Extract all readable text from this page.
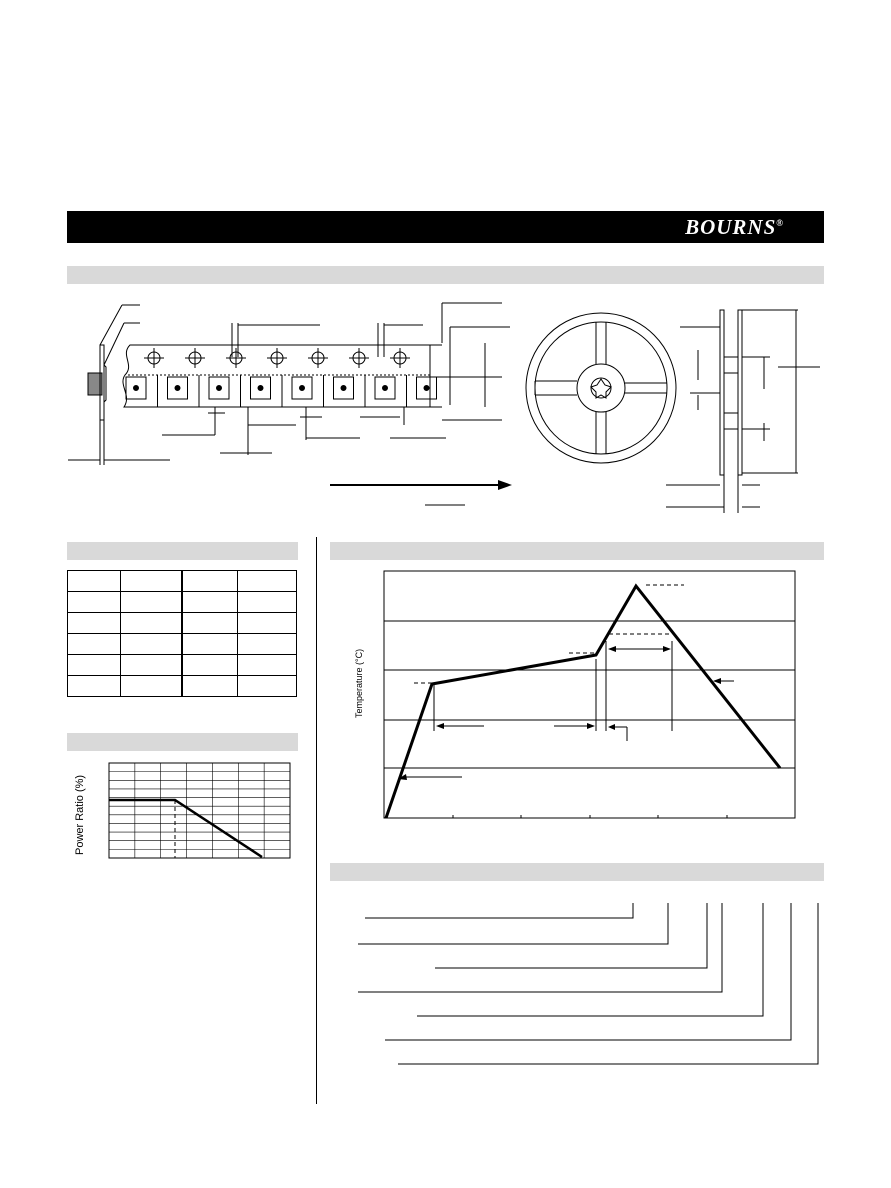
BOURNS®

Power Ratio (%)
Temperature (°C)
